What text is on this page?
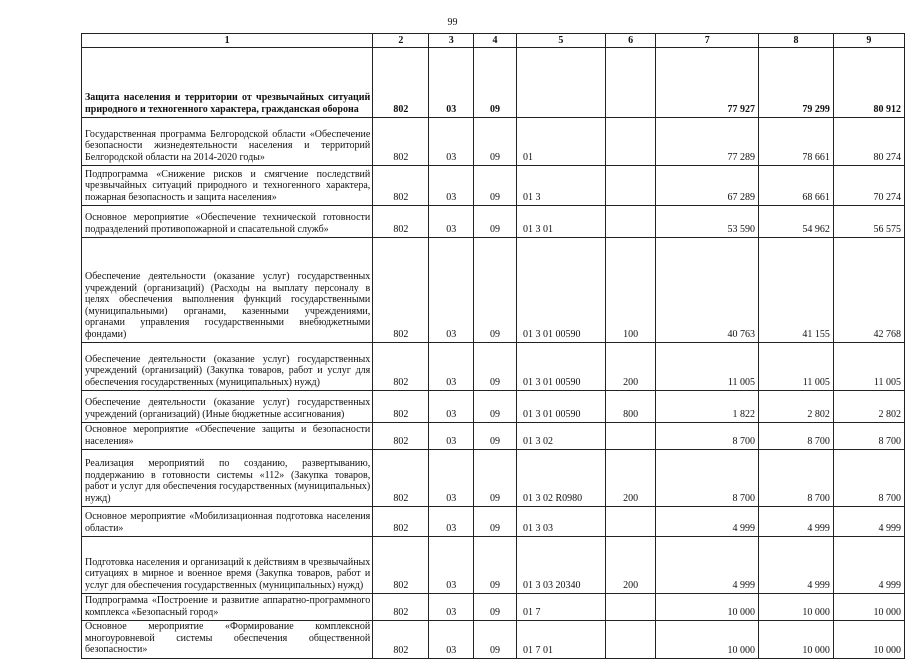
99
1	2	3	4	5	6	7	8	9
Защита населения и территории от чрезвычайных ситуаций природного и техногенного характера, гражданская оборона	802	03	09			77 927	79 299	80 912
Государственная программа Белгородской области «Обеспечение безопасности жизнедеятельности населения и территорий Белгородской области на 2014-2020 годы»	802	03	09	01		77 289	78 661	80 274
Подпрограмма «Снижение рисков и смягчение последствий чрезвычайных ситуаций природного и техногенного характера, пожарная безопасность и защита населения»	802	03	09	01 3		67 289	68 661	70 274
Основное мероприятие «Обеспечение технической готовности подразделений противопожарной и спасательной служб»	802	03	09	01 3 01		53 590	54 962	56 575
Обеспечение деятельности (оказание услуг) государственных учреждений (организаций) (Расходы на выплату персоналу в целях обеспечения выполнения функций государственными (муниципальными) органами, казенными учреждениями, органами управления государственными внебюджетными фондами)	802	03	09	01 3 01 00590	100	40 763	41 155	42 768
Обеспечение деятельности (оказание услуг) государственных учреждений (организаций) (Закупка товаров, работ и услуг для обеспечения государственных (муниципальных) нужд)	802	03	09	01 3 01 00590	200	11 005	11 005	11 005
Обеспечение деятельности (оказание услуг) государственных учреждений (организаций) (Иные бюджетные ассигнования)	802	03	09	01 3 01 00590	800	1 822	2 802	2 802
Основное мероприятие «Обеспечение защиты и безопасности населения»	802	03	09	01 3 02		8 700	8 700	8 700
Реализация мероприятий по созданию, развертыванию, поддержанию в готовности системы «112» (Закупка товаров, работ и услуг для обеспечения государственных (муниципальных) нужд)	802	03	09	01 3 02 R0980	200	8 700	8 700	8 700
Основное мероприятие «Мобилизационная подготовка населения области»	802	03	09	01 3 03		4 999	4 999	4 999
Подготовка населения и организаций к действиям в чрезвычайных ситуациях в мирное и военное время (Закупка товаров, работ и услуг для обеспечения государственных (муниципальных) нужд)	802	03	09	01 3 03 20340	200	4 999	4 999	4 999
Подпрограмма «Построение и развитие аппаратно-программного комплекса «Безопасный город»	802	03	09	01 7		10 000	10 000	10 000
Основное мероприятие «Формирование комплексной многоуровневой системы обеспечения общественной безопасности»	802	03	09	01 7 01		10 000	10 000	10 000
